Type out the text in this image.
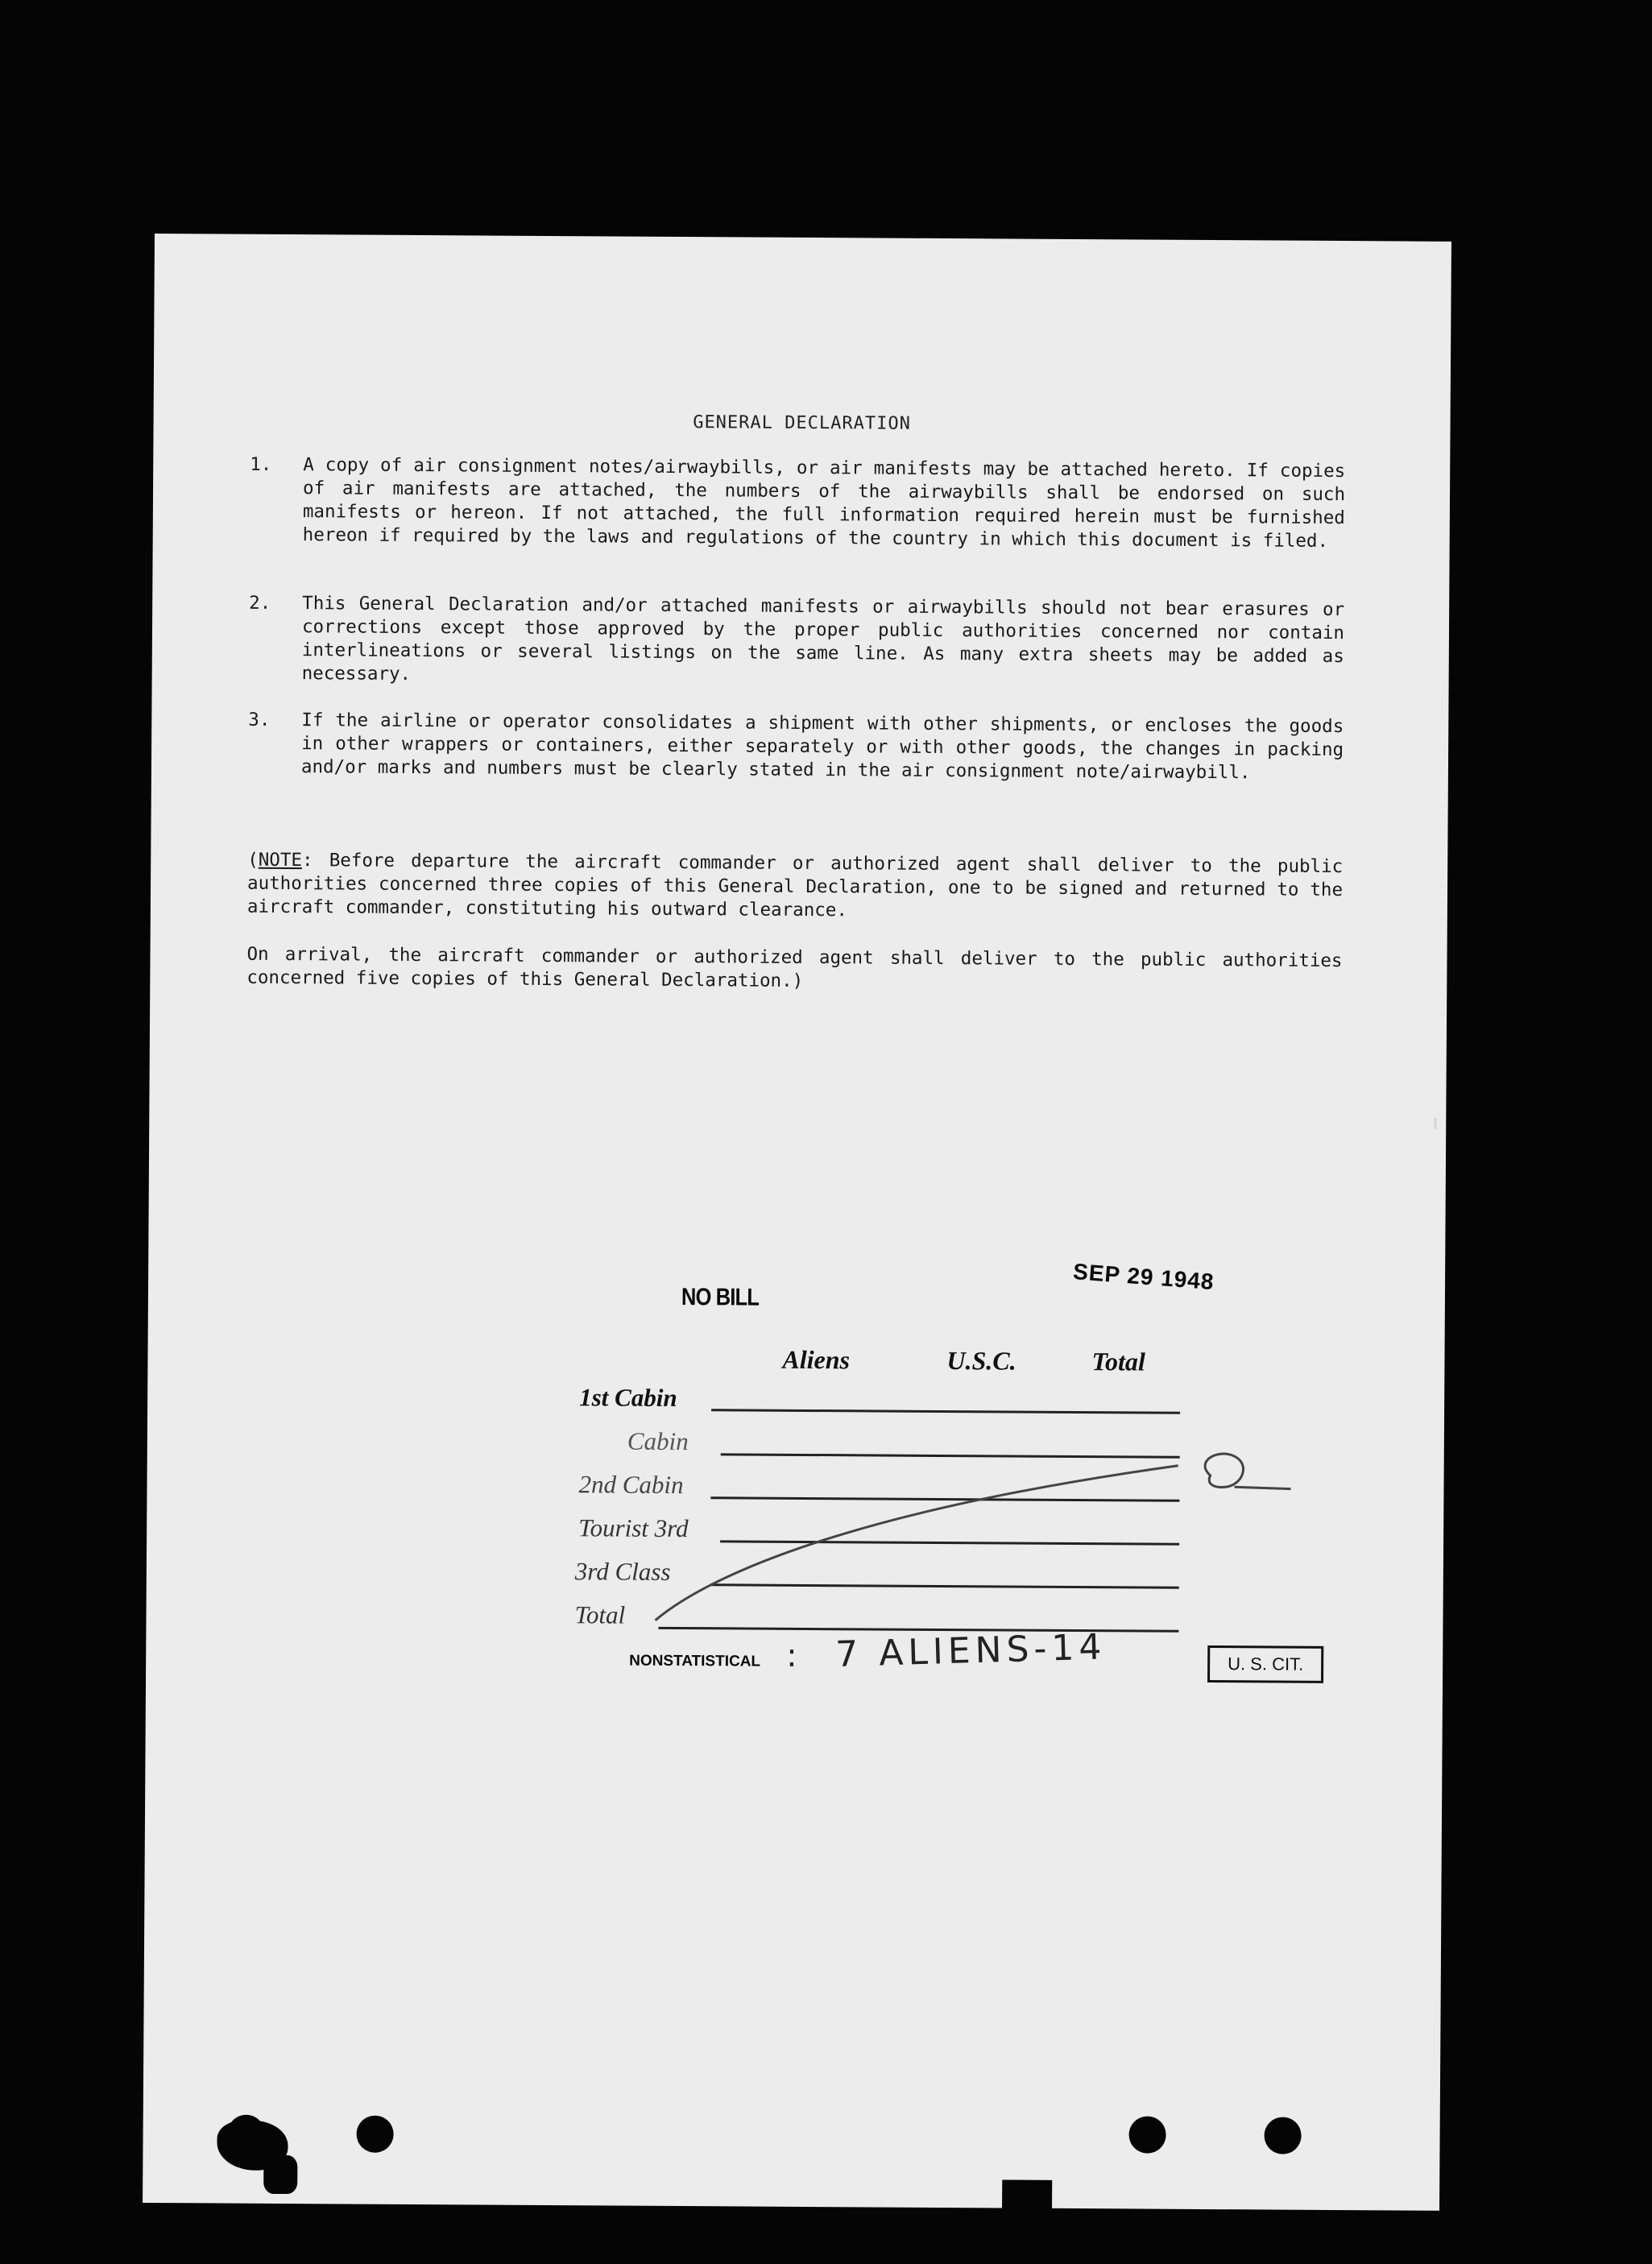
GENERAL DECLARATION
1. A copy of air consignment notes/airwaybills, or air manifests may be attached hereto. If copies of air manifests are attached, the numbers of the airwaybills shall be endorsed on such manifests or hereon. If not attached, the full information required herein must be furnished hereon if required by the laws and regulations of the country in which this document is filed.
2. This General Declaration and/or attached manifests or airwaybills should not bear erasures or corrections except those approved by the proper public authorities concerned nor contain interlineations or several listings on the same line. As many extra sheets may be added as necessary.
3. If the airline or operator consolidates a shipment with other shipments, or encloses the goods in other wrappers or containers, either separately or with other goods, the changes in packing and/or marks and numbers must be clearly stated in the air consignment note/airwaybill.
(NOTE: Before departure the aircraft commander or authorized agent shall deliver to the public authorities concerned three copies of this General Declaration, one to be signed and returned to the aircraft commander, constituting his outward clearance.
On arrival, the aircraft commander or authorized agent shall deliver to the public authorities concerned five copies of this General Declaration.)
NO BILL
SEP 29 1948
Aliens	U.S.C.	Total
1st Cabin
Cabin
2nd Cabin
Tourist 3rd
3rd Class
Total
NONSTATISTICAL : 7 ALIENS-14	U. S. CIT.
